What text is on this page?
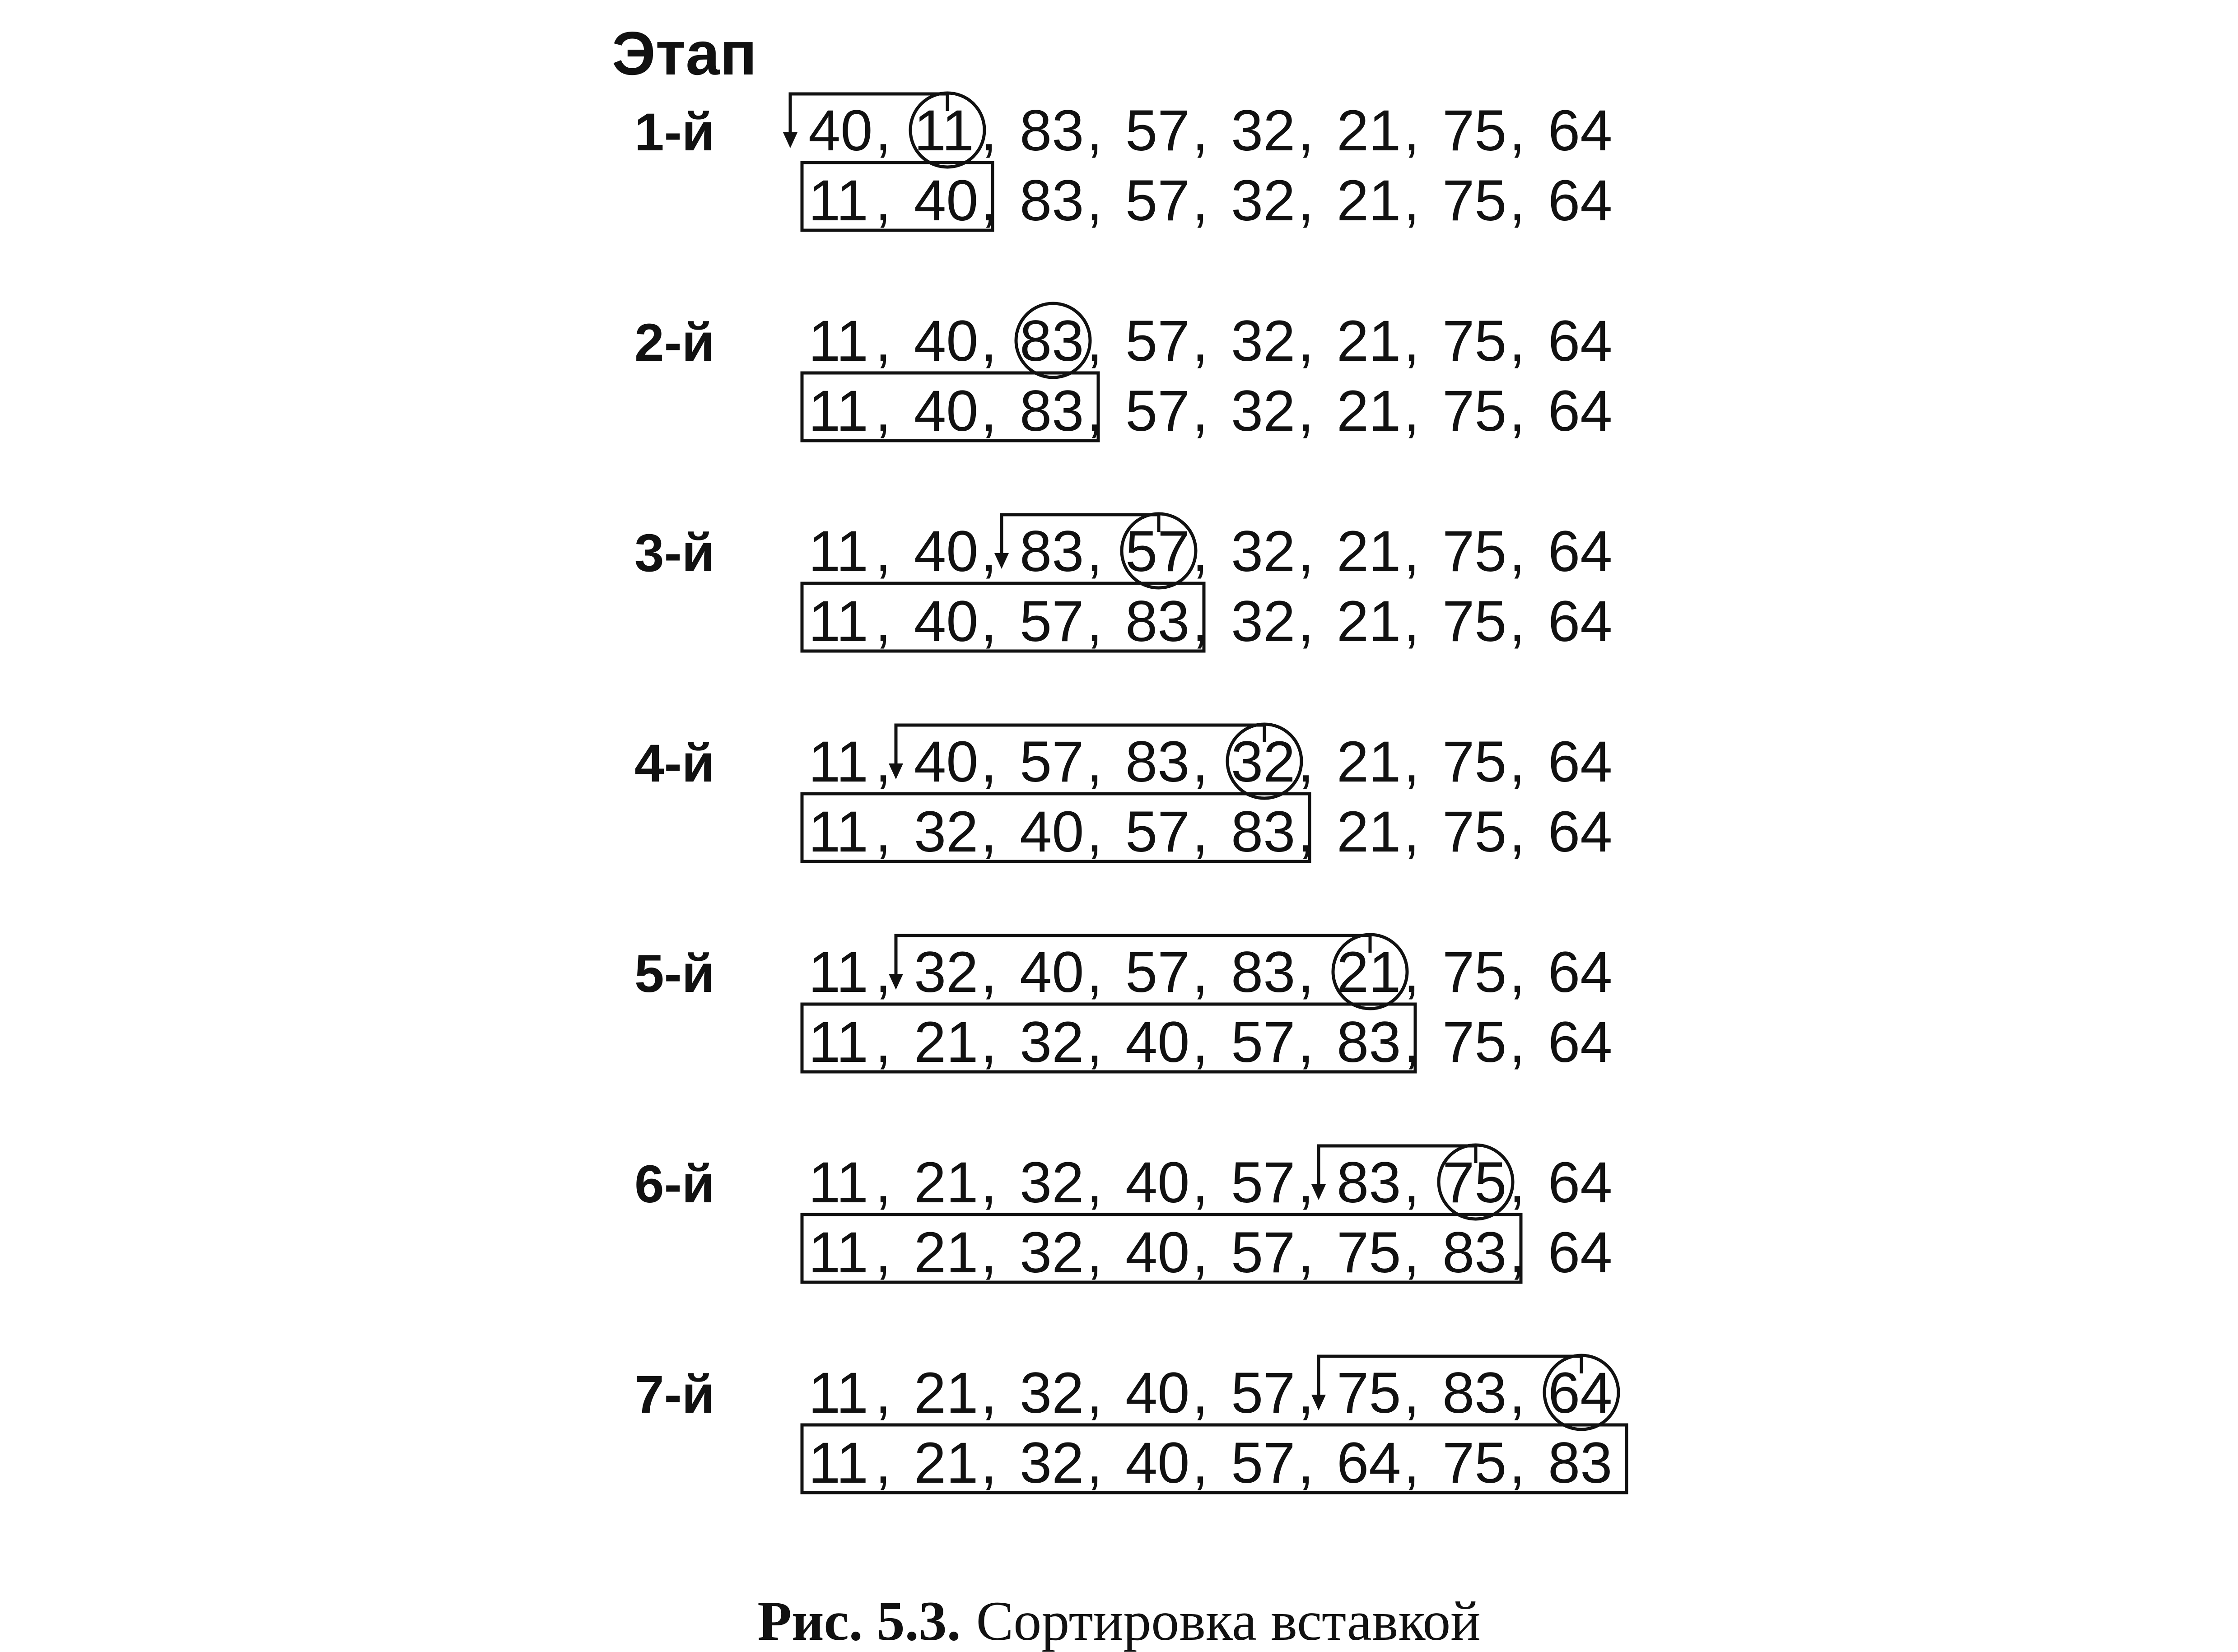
Этап
1-й 40 , 11 , 83 , 57 , 32 , 21 , 75 , 64
11 , 40 , 83 , 57 , 32 , 21 , 75 , 64
2-й 11 , 40 , 83 , 57 , 32 , 21 , 75 , 64
11 , 40 , 83 , 57 , 32 , 21 , 75 , 64
3-й 11 , 40 , 83 , 57 , 32 , 21 , 75 , 64
11 , 40 , 57 , 83 , 32 , 21 , 75 , 64
4-й 11 , 40 , 57 , 83 , 32 , 21 , 75 , 64
11 , 32 , 40 , 57 , 83 , 21 , 75 , 64
5-й 11 , 32 , 40 , 57 , 83 , 21 , 75 , 64
11 , 21 , 32 , 40 , 57 , 83 , 75 , 64
6-й 11 , 21 , 32 , 40 , 57 , 83 , 75 , 64
11 , 21 , 32 , 40 , 57 , 75 , 83 , 64
7-й 11 , 21 , 32 , 40 , 57 , 75 , 83 , 64
11 , 21 , 32 , 40 , 57 , 64 , 75 , 83
Рис. 5.3. Сортировка вставкой
